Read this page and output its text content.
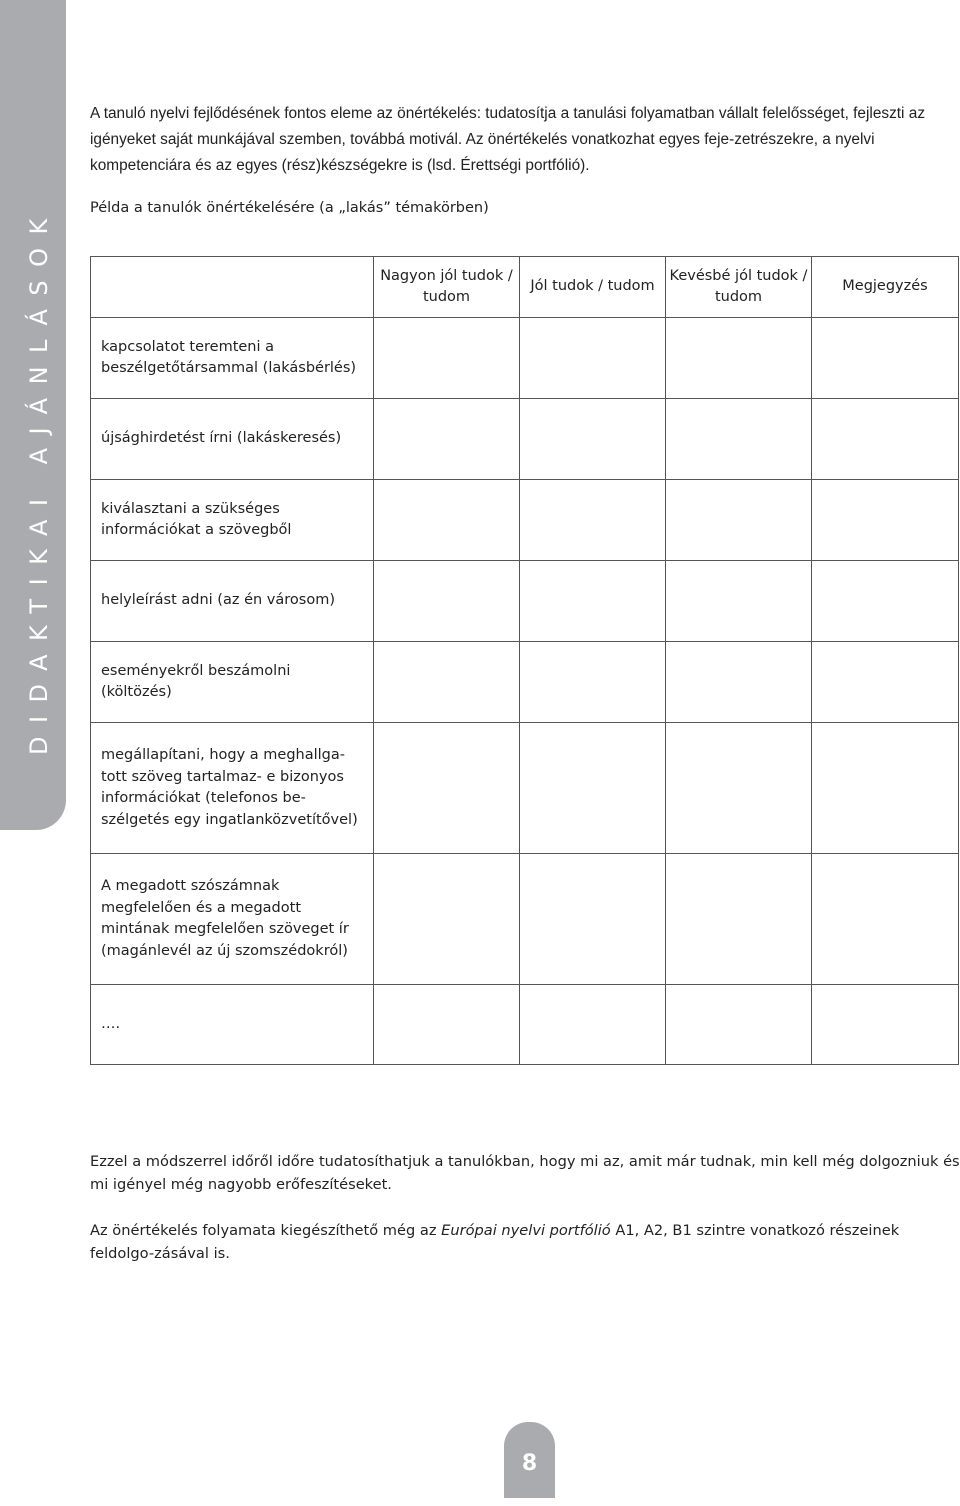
DIDAKTIKAI AJÁNLÁSOK

A tanuló nyelvi fejlődésének fontos eleme az önértékelés: tudatosítja a tanulási folyamatban vállalt felelősséget, fejleszti az igényeket saját munkájával szemben, továbbá motivál. Az önértékelés vonatkozhat egyes feje-zetrészekre, a nyelvi kompetenciára és az egyes (rész)készségekre is (lsd. Érettségi portfólió).

Példa a tanulók önértékelésére (a „lakás” témakörben)

	Nagyon jól tudok / tudom	Jól tudok / tudom	Kevésbé jól tudok / tudom	Megjegyzés
kapcsolatot teremteni a beszélgetőtársammal (lakásbérlés)				
újsághirdetést írni (lakáskeresés)				
kiválasztani a szükséges információkat a szövegből				
helyleírást adni (az én városom)				
eseményekről beszámolni (költözés)				
megállapítani, hogy a meghallga-tott szöveg tartalmaz- e bizonyos információkat (telefonos be-szélgetés egy ingatlanközvetítővel)				
A megadott szószámnak megfelelően és a megadott mintának megfelelően szöveget ír (magánlevél az új szomszédokról)				
….				

Ezzel a módszerrel időről időre tudatosíthatjuk a tanulókban, hogy mi az, amit már tudnak, min kell még dolgozniuk és mi igényel még nagyobb erőfeszítéseket.

Az önértékelés folyamata kiegészíthető még az Európai nyelvi portfólió A1, A2, B1 szintre vonatkozó részeinek feldolgo-zásával is.

8
